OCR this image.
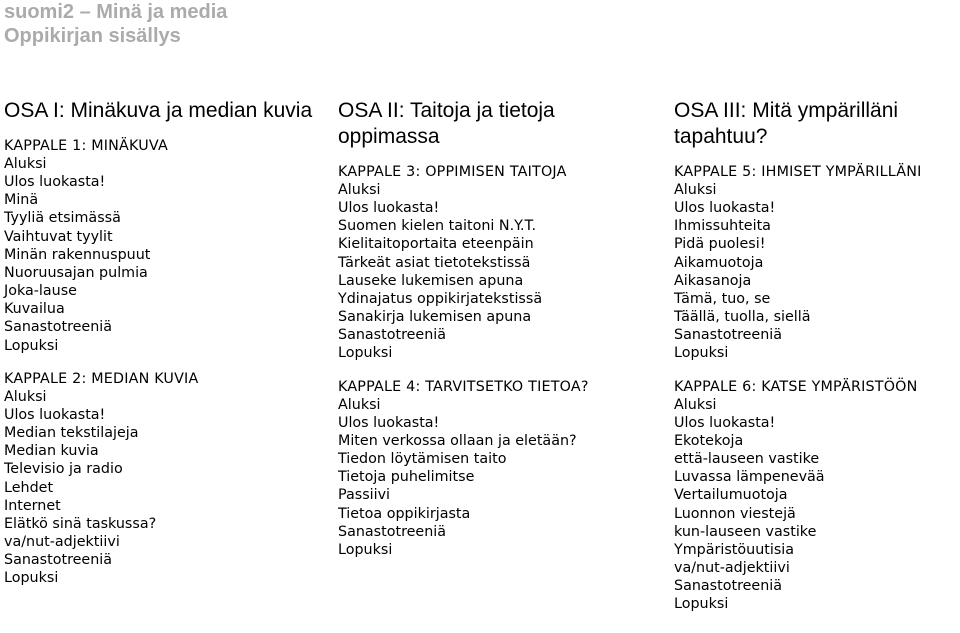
suomi2 – Minä ja media
Oppikirjan sisällys
OSA I: Minäkuva ja median kuvia
KAPPALE 1: MINÄKUVA
Aluksi
Ulos luokasta!
Minä
Tyyliä etsimässä
Vaihtuvat tyylit
Minän rakennuspuut
Nuoruusajan pulmia
Joka-lause
Kuvailua
Sanastotreeniä
Lopuksi
KAPPALE 2: MEDIAN KUVIA
Aluksi
Ulos luokasta!
Median tekstilajeja
Median kuvia
Televisio ja radio
Lehdet
Internet
Elätkö sinä taskussa?
va/nut-adjektiivi
Sanastotreeniä
Lopuksi
OSA II: Taitoja ja tietoja oppimassa
KAPPALE 3: OPPIMISEN TAITOJA
Aluksi
Ulos luokasta!
Suomen kielen taitoni N.Y.T.
Kielitaitoportaita eteenpäin
Tärkeät asiat tietotekstissä
Lauseke lukemisen apuna
Ydinajatus oppikirjatekstissä
Sanakirja lukemisen apuna
Sanastotreeniä
Lopuksi
KAPPALE 4: TARVITSETKO TIETOA?
Aluksi
Ulos luokasta!
Miten verkossa ollaan ja eletään?
Tiedon löytämisen taito
Tietoja puhelimitse
Passiivi
Tietoa oppikirjasta
Sanastotreeniä
Lopuksi
OSA III: Mitä ympärilläni tapahtuu?
KAPPALE 5: IHMISET YMPÄRILLÄNI
Aluksi
Ulos luokasta!
Ihmissuhteita
Pidä puolesi!
Aikamuotoja
Aikasanoja
Tämä, tuo, se
Täällä, tuolla, siellä
Sanastotreeniä
Lopuksi
KAPPALE 6: KATSE YMPÄRISTÖÖN
Aluksi
Ulos luokasta!
Ekotekoja
että-lauseen vastike
Luvassa lämpenevää
Vertailumuotoja
Luonnon viestejä
kun-lauseen vastike
Ympäristöuutisia
va/nut-adjektiivi
Sanastotreeniä
Lopuksi
